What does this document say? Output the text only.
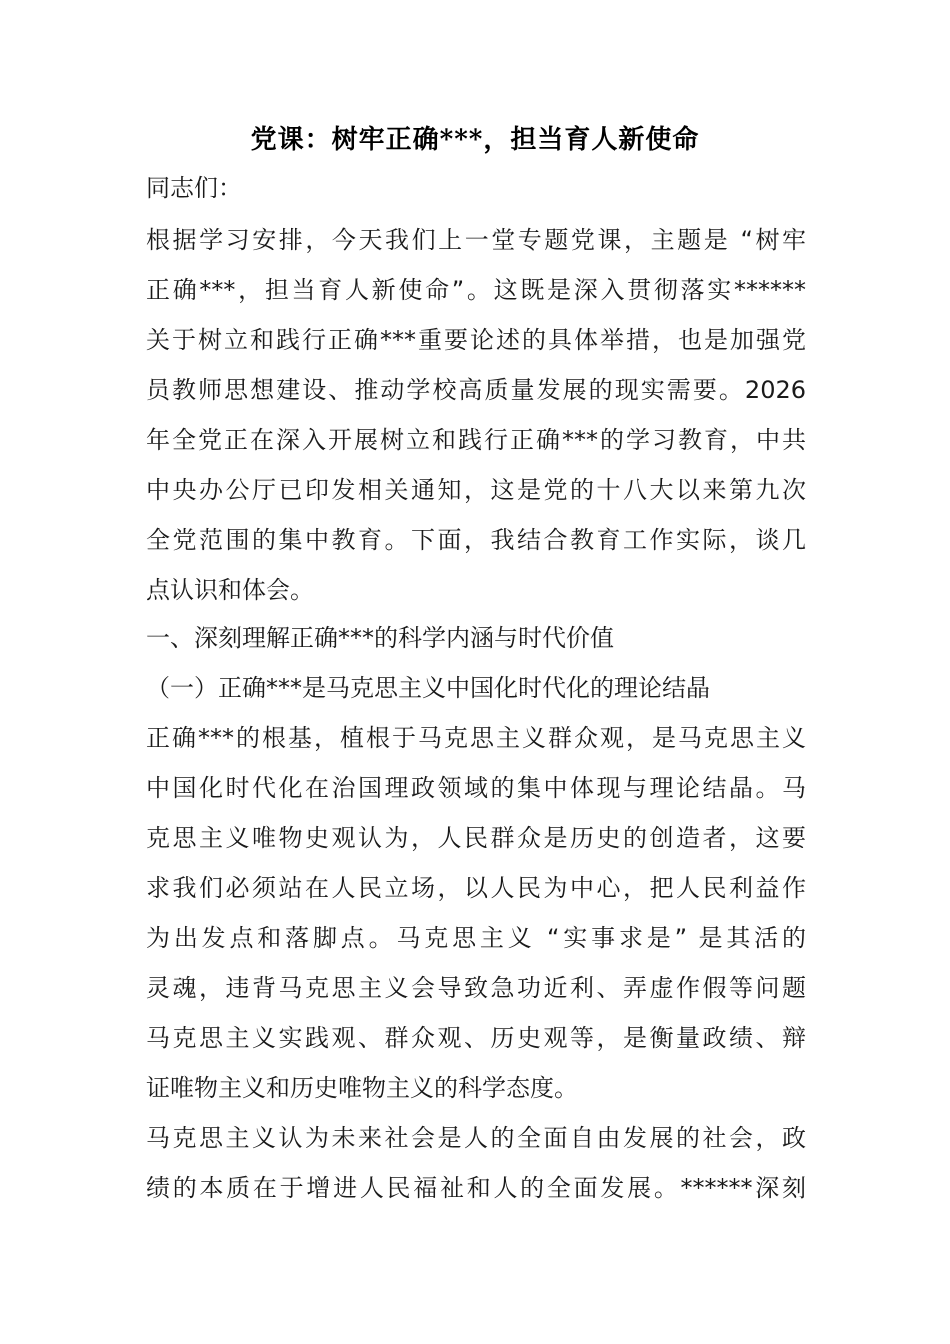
党课：树牢正确***，担当育人新使命
同志们：
根据学习安排，今天我们上一堂专题党课，主题是 “树牢
正确***，担当育人新使命”。这既是深入贯彻落实******
关于树立和践行正确***重要论述的具体举措，也是加强党
员教师思想建设、推动学校高质量发展的现实需要。2026
年全党正在深入开展树立和践行正确***的学习教育，中共
中央办公厅已印发相关通知，这是党的十八大以来第九次
全党范围的集中教育。下面，我结合教育工作实际，谈几
点认识和体会。
一、深刻理解正确***的科学内涵与时代价值
（一）正确***是马克思主义中国化时代化的理论结晶
正确***的根基，植根于马克思主义群众观，是马克思主义
中国化时代化在治国理政领域的集中体现与理论结晶。马
克思主义唯物史观认为，人民群众是历史的创造者，这要
求我们必须站在人民立场，以人民为中心，把人民利益作
为出发点和落脚点。马克思主义 “实事求是” 是其活的
灵魂，违背马克思主义会导致急功近利、弄虚作假等问题
马克思主义实践观、群众观、历史观等，是衡量政绩、辩
证唯物主义和历史唯物主义的科学态度。
马克思主义认为未来社会是人的全面自由发展的社会，政
绩的本质在于增进人民福祉和人的全面发展。******深刻
